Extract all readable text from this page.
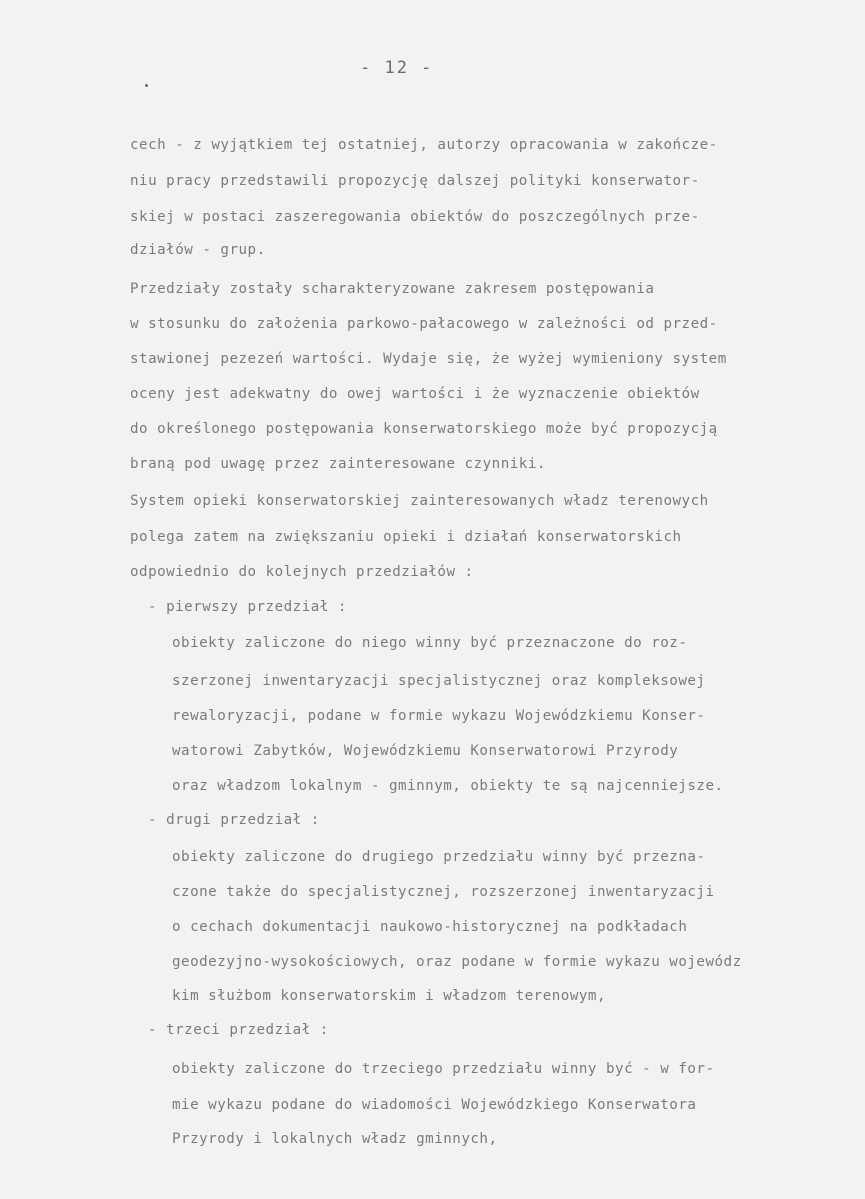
- 12 -
cech - z wyjątkiem tej ostatniej, autorzy opracowania w zakończe-
niu pracy przedstawili propozycję dalszej polityki konserwator-
skiej w postaci zaszeregowania obiektów do poszczególnych prze-
działów - grup.
Przedziały zostały scharakteryzowane zakresem postępowania
w stosunku do założenia parkowo-pałacowego w zależności od przed-
stawionej pezezeń wartości. Wydaje się, że wyżej wymieniony system
oceny jest adekwatny do owej wartości i że wyznaczenie obiektów
do określonego postępowania konserwatorskiego może być propozycją
braną pod uwagę przez zainteresowane czynniki.
System opieki konserwatorskiej zainteresowanych władz terenowych
polega zatem na zwiększaniu opieki i działań konserwatorskich
odpowiednio do kolejnych przedziałów :
- pierwszy przedział :
obiekty zaliczone do niego winny być przeznaczone do roz-
szerzonej inwentaryzacji specjalistycznej oraz kompleksowej
rewaloryzacji, podane w formie wykazu Wojewódzkiemu Konser-
watorowi Zabytków, Wojewódzkiemu Konserwatorowi Przyrody
oraz władzom lokalnym - gminnym, obiekty te są najcenniejsze.
- drugi przedział :
obiekty zaliczone do drugiego przedziału winny być przezna-
czone także do specjalistycznej, rozszerzonej inwentaryzacji
o cechach dokumentacji naukowo-historycznej na podkładach
geodezyjno-wysokościowych, oraz podane w formie wykazu wojewódz
kim służbom konserwatorskim i władzom terenowym,
- trzeci przedział :
obiekty zaliczone do trzeciego przedziału winny być - w for-
mie wykazu podane do wiadomości Wojewódzkiego Konserwatora
Przyrody i lokalnych władz gminnych,
